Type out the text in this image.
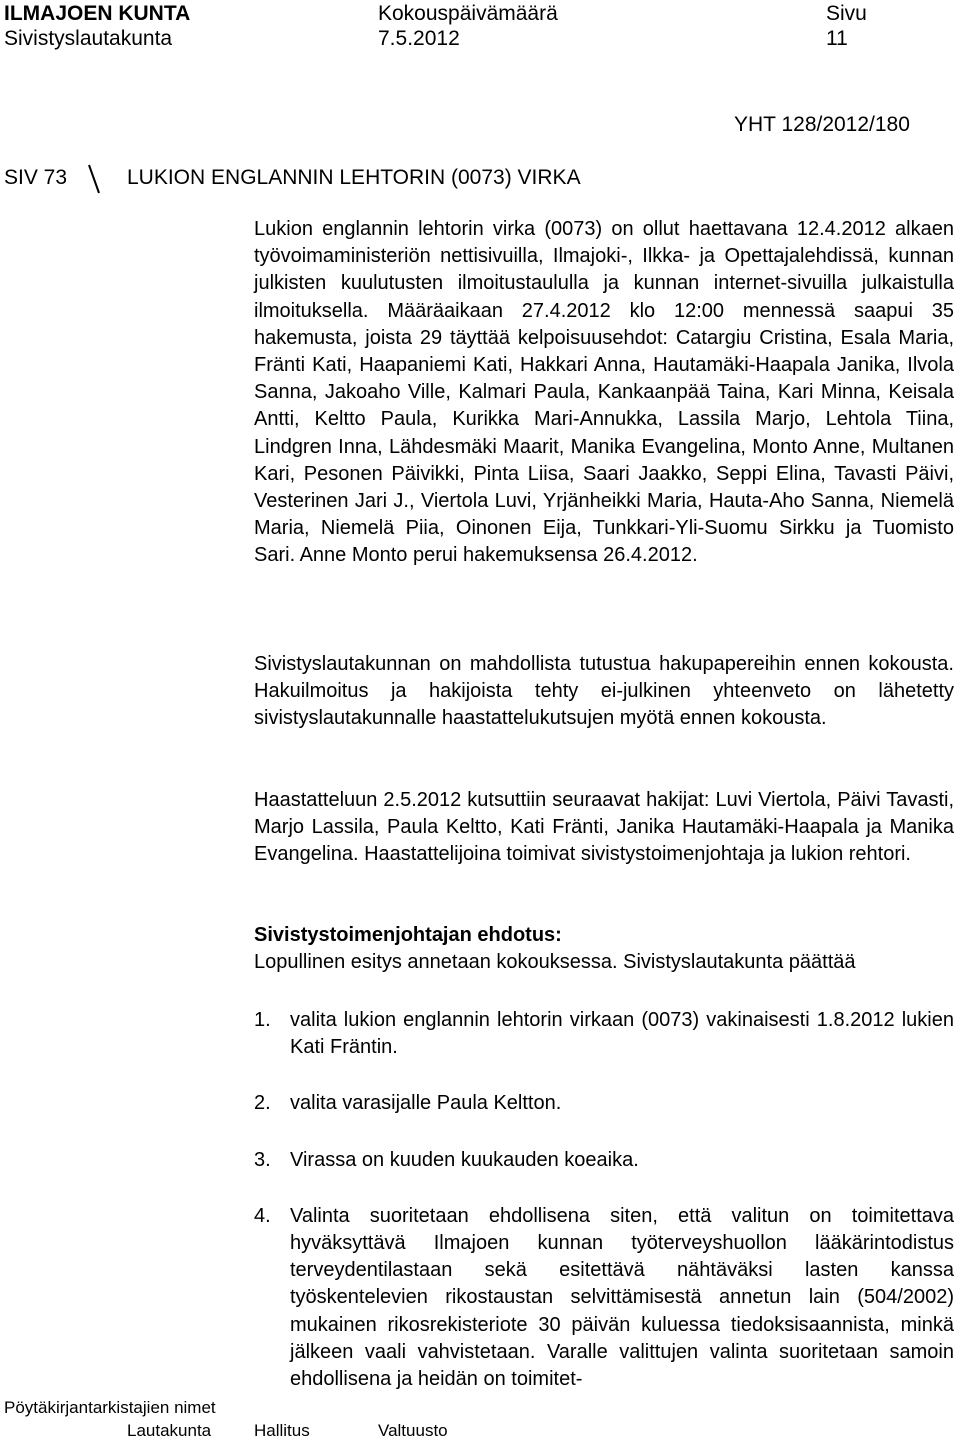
ILMAJOEN KUNTA	Kokouspäivämäärä	Sivu
Sivistyslautakunta	7.5.2012	11
YHT 128/2012/180
SIV 73	LUKION ENGLANNIN LEHTORIN (0073) VIRKA

Lukion englannin lehtorin virka (0073) on ollut haettavana 12.4.2012 alkaen työvoimaministeriön nettisivuilla, Ilmajoki-, Ilkka- ja Opettajalehdissä, kunnan julkisten kuulutusten ilmoitustaululla ja kunnan internet-sivuilla julkaistulla ilmoituksella. Määräaikaan 27.4.2012 klo 12:00 mennessä saapui 35 hakemusta, joista 29 täyttää kelpoisuusehdot: Catargiu Cristina, Esala Maria, Fränti Kati, Haapaniemi Kati, Hakkari Anna, Hautamäki-Haapala Janika, Ilvola Sanna, Jakoaho Ville, Kalmari Paula, Kankaanpää Taina, Kari Minna, Keisala Antti, Keltto Paula, Kurikka Mari-Annukka, Lassila Marjo, Lehtola Tiina, Lindgren Inna, Lähdesmäki Maarit, Manika Evangelina, Monto Anne, Multanen Kari, Pesonen Päivikki, Pinta Liisa, Saari Jaakko, Seppi Elina, Tavasti Päivi, Vesterinen Jari J., Viertola Luvi, Yrjänheikki Maria, Hauta-Aho Sanna, Niemelä Maria, Niemelä Piia, Oinonen Eija, Tunkkari-Yli-Suomu Sirkku ja Tuomisto Sari. Anne Monto perui hakemuksensa 26.4.2012.

Sivistyslautakunnan on mahdollista tutustua hakupapereihin ennen kokousta. Hakuilmoitus ja hakijoista tehty ei-julkinen yhteenveto on lähetetty sivistyslautakunnalle haastattelukutsujen myötä ennen kokousta.

Haastatteluun 2.5.2012 kutsuttiin seuraavat hakijat: Luvi Viertola, Päivi Tavasti, Marjo Lassila, Paula Keltto, Kati Fränti, Janika Hautamäki-Haapala ja Manika Evangelina. Haastattelijoina toimivat sivistystoimenjohtaja ja lukion rehtori.

Sivistystoimenjohtajan ehdotus:

Lopullinen esitys annetaan kokouksessa. Sivistyslautakunta päättää

1. valita lukion englannin lehtorin virkaan (0073) vakinaisesti 1.8.2012 lukien Kati Fräntin.
2. valita varasijalle Paula Keltton.
3. Virassa on kuuden kuukauden koeaika.
4. Valinta suoritetaan ehdollisena siten, että valitun on toimitettava hyväksyttävä Ilmajoen kunnan työterveyshuollon lääkärintodistus terveydentilastaan sekä esitettävä nähtäväksi lasten kanssa työskentelevien rikostaustan selvittämisestä annetun lain (504/2002) mukainen rikosrekisteriote 30 päivän kuluessa tiedoksisaannista, minkä jälkeen vaali vahvistetaan. Varalle valittujen valinta suoritetaan samoin ehdollisena ja heidän on toimitet-
Pöytäkirjantarkistajien nimet
Lautakunta	Hallitus	Valtuusto
